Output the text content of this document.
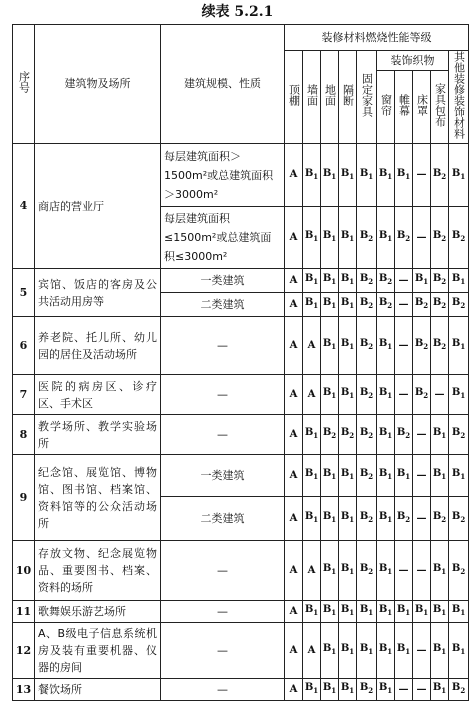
续表 5.2.1
序号	建筑物及场所	建筑规模、性质	装修材料燃烧性能等级									
			顶棚	墙面	地面	隔断	固定家具	装饰织物				其他装修装饰材料
								窗帘	帷幕	床罩	家具包布	
4	商店的营业厅	每层建筑面积＞1500m²或总建筑面积＞3000m²	A	$B_1$	$B_1$	$B_1$	$B_1$	$B_1$	$B_1$	—	$B_2$	$B_1$
		每层建筑面积≤1500m²或总建筑面积≤3000m²	A	$B_1$	$B_1$	$B_1$	$B_2$	$B_1$	$B_2$	—	$B_2$	$B_2$
5	宾馆、饭店的客房及公共活动用房等	一类建筑	A	$B_1$	$B_1$	$B_1$	$B_2$	$B_2$	—	$B_1$	$B_2$	$B_1$
		二类建筑	A	$B_1$	$B_1$	$B_1$	$B_2$	$B_2$	—	$B_2$	$B_2$	$B_2$
6	养老院、托儿所、幼儿园的居住及活动场所	—	A	A	$B_1$	$B_1$	$B_2$	$B_1$	—	$B_2$	$B_2$	$B_1$
7	医院的病房区、诊疗区、手术区	—	A	A	$B_1$	$B_1$	$B_2$	$B_1$	—	$B_2$	—	$B_1$
8	教学场所、教学实验场所	—	A	$B_1$	$B_2$	$B_2$	$B_2$	$B_1$	$B_2$	—	$B_1$	$B_2$
9	纪念馆、展览馆、博物馆、图书馆、档案馆、资料馆等的公众活动场所	一类建筑	A	$B_1$	$B_1$	$B_1$	$B_2$	$B_1$	$B_1$	—	$B_1$	$B_1$
		二类建筑	A	$B_1$	$B_1$	$B_1$	$B_2$	$B_1$	$B_2$	—	$B_2$	$B_2$
10	存放文物、纪念展览物品、重要图书、档案、资料的场所	—	A	A	$B_1$	$B_1$	$B_2$	$B_1$	—	—	$B_1$	$B_2$
11	歌舞娱乐游艺场所	—	A	$B_1$	$B_1$	$B_1$	$B_1$	$B_1$	$B_1$	$B_1$	$B_1$	$B_1$
12	A、B级电子信息系统机房及装有重要机器、仪器的房间	—	A	A	$B_1$	$B_1$	$B_1$	$B_1$	$B_1$	—	$B_1$	$B_1$
13	餐饮场所	—	A	$B_1$	$B_1$	$B_1$	$B_2$	$B_1$	—	—	$B_1$	$B_2$
